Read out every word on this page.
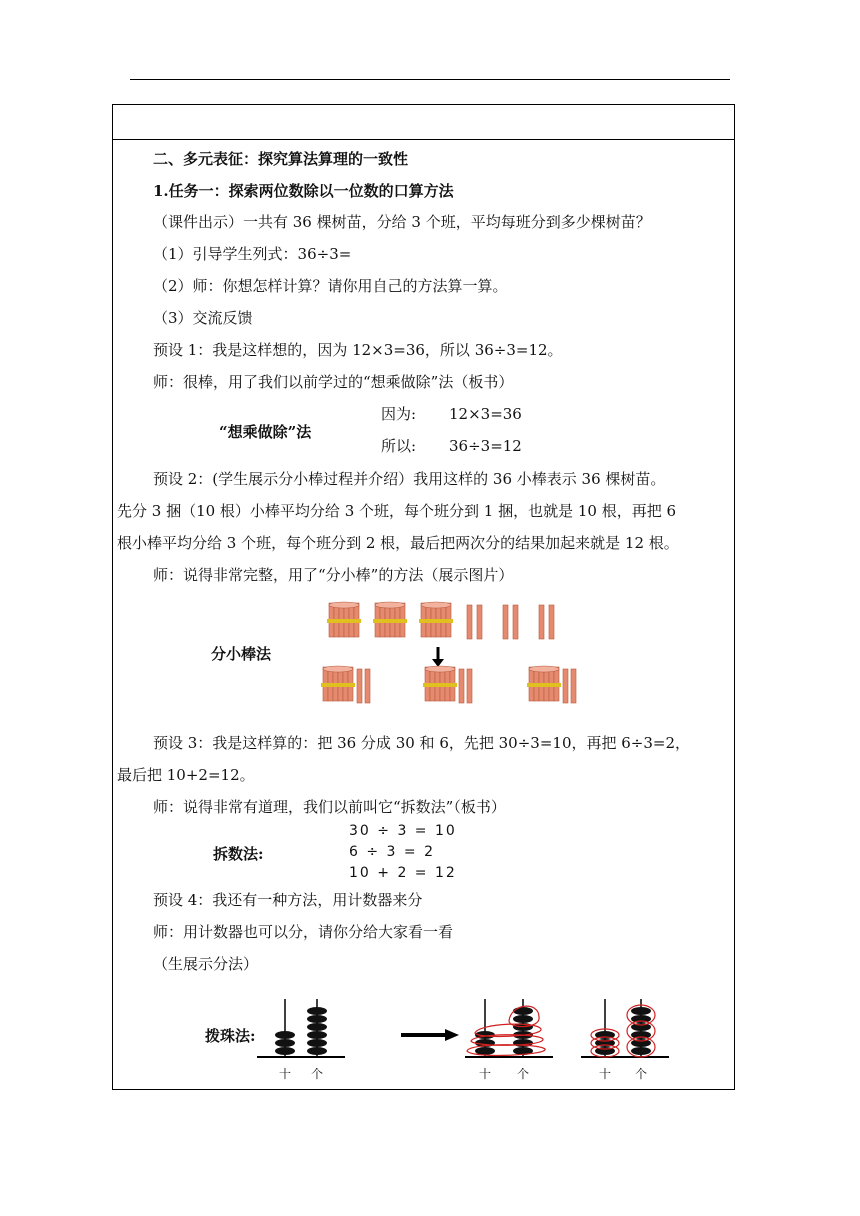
二、多元表征：探究算法算理的一致性
1.任务一：探索两位数除以一位数的口算方法
（课件出示）一共有 36 棵树苗，分给 3 个班，平均每班分到多少棵树苗？
（1）引导学生列式：36÷3=
（2）师：你想怎样计算？请你用自己的方法算一算。
（3）交流反馈
预设 1：我是这样想的，因为 12×3=36，所以 36÷3=12。
师：很棒，用了我们以前学过的“想乘做除”法（板书）
“想乘做除”法
因为: 12×3=36
所以: 36÷3=12
预设 2：(学生展示分小棒过程并介绍）我用这样的 36 小棒表示 36 棵树苗。
先分 3 捆（10 根）小棒平均分给 3 个班，每个班分到 1 捆，也就是 10 根，再把 6
根小棒平均分给 3 个班，每个班分到 2 根，最后把两次分的结果加起来就是 12 根。
师：说得非常完整，用了“分小棒”的方法（展示图片）
分小棒法
预设 3：我是这样算的：把 36 分成 30 和 6，先把 30÷3=10，再把 6÷3=2，
最后把 10+2=12。
师：说得非常有道理，我们以前叫它“拆数法”（板书）
拆数法:
30 ÷ 3 = 10
6 ÷ 3 = 2
10 + 2 = 12
预设 4：我还有一种方法，用计数器来分
师：用计数器也可以分，请你分给大家看一看
（生展示分法）
拨珠法:
十 个	十 个	十 个
